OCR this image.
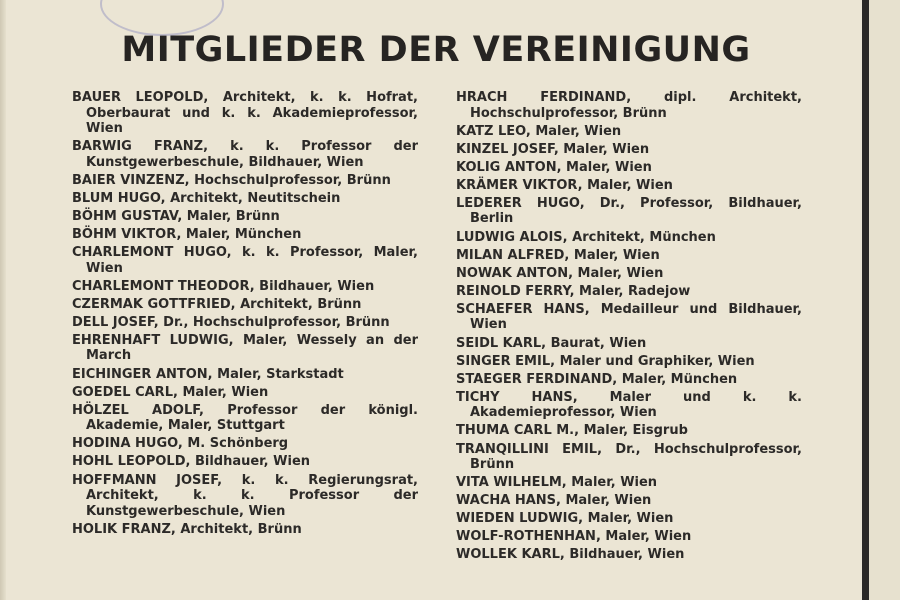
MITGLIEDER DER VEREINIGUNG

BAUER LEOPOLD, Architekt, k. k. Hofrat, Oberbaurat und k. k. Akademieprofessor, Wien

BARWIG FRANZ, k. k. Professor der Kunstgewerbeschule, Bildhauer, Wien

BAIER VINZENZ, Hochschulprofessor, Brünn

BLUM HUGO, Architekt, Neutitschein

BÖHM GUSTAV, Maler, Brünn

BÖHM VIKTOR, Maler, München

CHARLEMONT HUGO, k. k. Professor, Maler, Wien

CHARLEMONT THEODOR, Bildhauer, Wien

CZERMAK GOTTFRIED, Architekt, Brünn

DELL JOSEF, Dr., Hochschulprofessor, Brünn

EHRENHAFT LUDWIG, Maler, Wessely an der March

EICHINGER ANTON, Maler, Starkstadt

GOEDEL CARL, Maler, Wien

HÖLZEL ADOLF, Professor der königl. Akademie, Maler, Stuttgart

HODINA HUGO, M. Schönberg

HOHL LEOPOLD, Bildhauer, Wien

HOFFMANN JOSEF, k. k. Regierungsrat, Architekt, k. k. Professor der Kunstgewerbeschule, Wien

HOLIK FRANZ, Architekt, Brünn

HRACH FERDINAND, dipl. Architekt, Hochschulprofessor, Brünn

KATZ LEO, Maler, Wien

KINZEL JOSEF, Maler, Wien

KOLIG ANTON, Maler, Wien

KRÄMER VIKTOR, Maler, Wien

LEDERER HUGO, Dr., Professor, Bildhauer, Berlin

LUDWIG ALOIS, Architekt, München

MILAN ALFRED, Maler, Wien

NOWAK ANTON, Maler, Wien

REINOLD FERRY, Maler, Radejow

SCHAEFER HANS, Medailleur und Bildhauer, Wien

SEIDL KARL, Baurat, Wien

SINGER EMIL, Maler und Graphiker, Wien

STAEGER FERDINAND, Maler, München

TICHY HANS, Maler und k. k. Akademieprofessor, Wien

THUMA CARL M., Maler, Eisgrub

TRANQILLINI EMIL, Dr., Hochschulprofessor, Brünn

VITA WILHELM, Maler, Wien

WACHA HANS, Maler, Wien

WIEDEN LUDWIG, Maler, Wien

WOLF-ROTHENHAN, Maler, Wien

WOLLEK KARL, Bildhauer, Wien
